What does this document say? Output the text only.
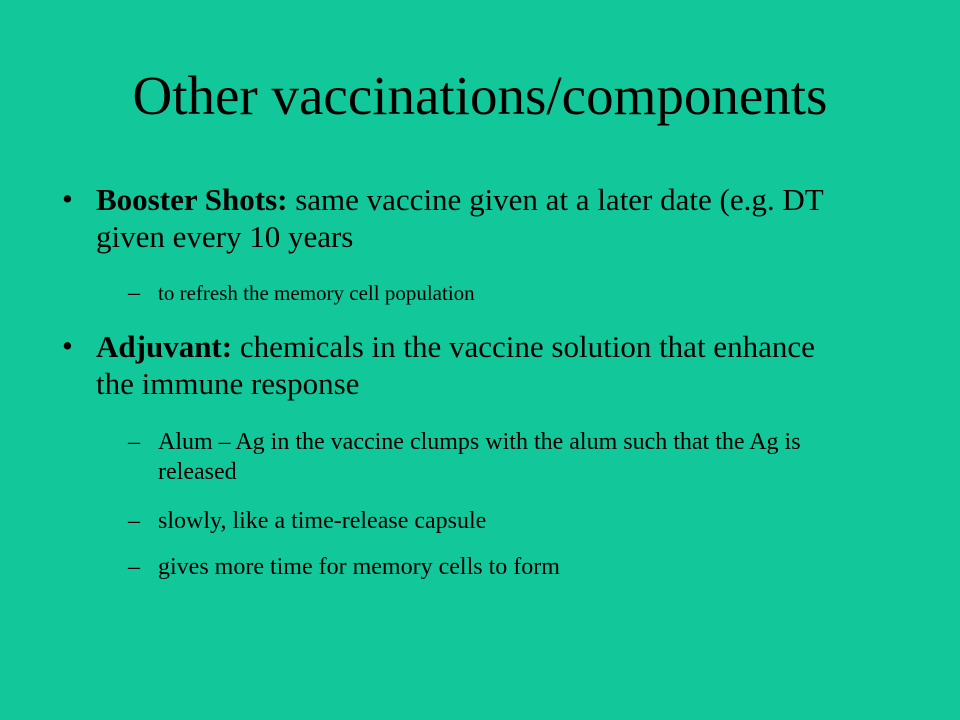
Other vaccinations/components
• Booster Shots: same vaccine given at a later date (e.g. DT given every 10 years
– to refresh the memory cell population
• Adjuvant: chemicals in the vaccine solution that enhance the immune response
– Alum – Ag in the vaccine clumps with the alum such that the Ag is released
– slowly, like a time-release capsule
– gives more time for memory cells to form
